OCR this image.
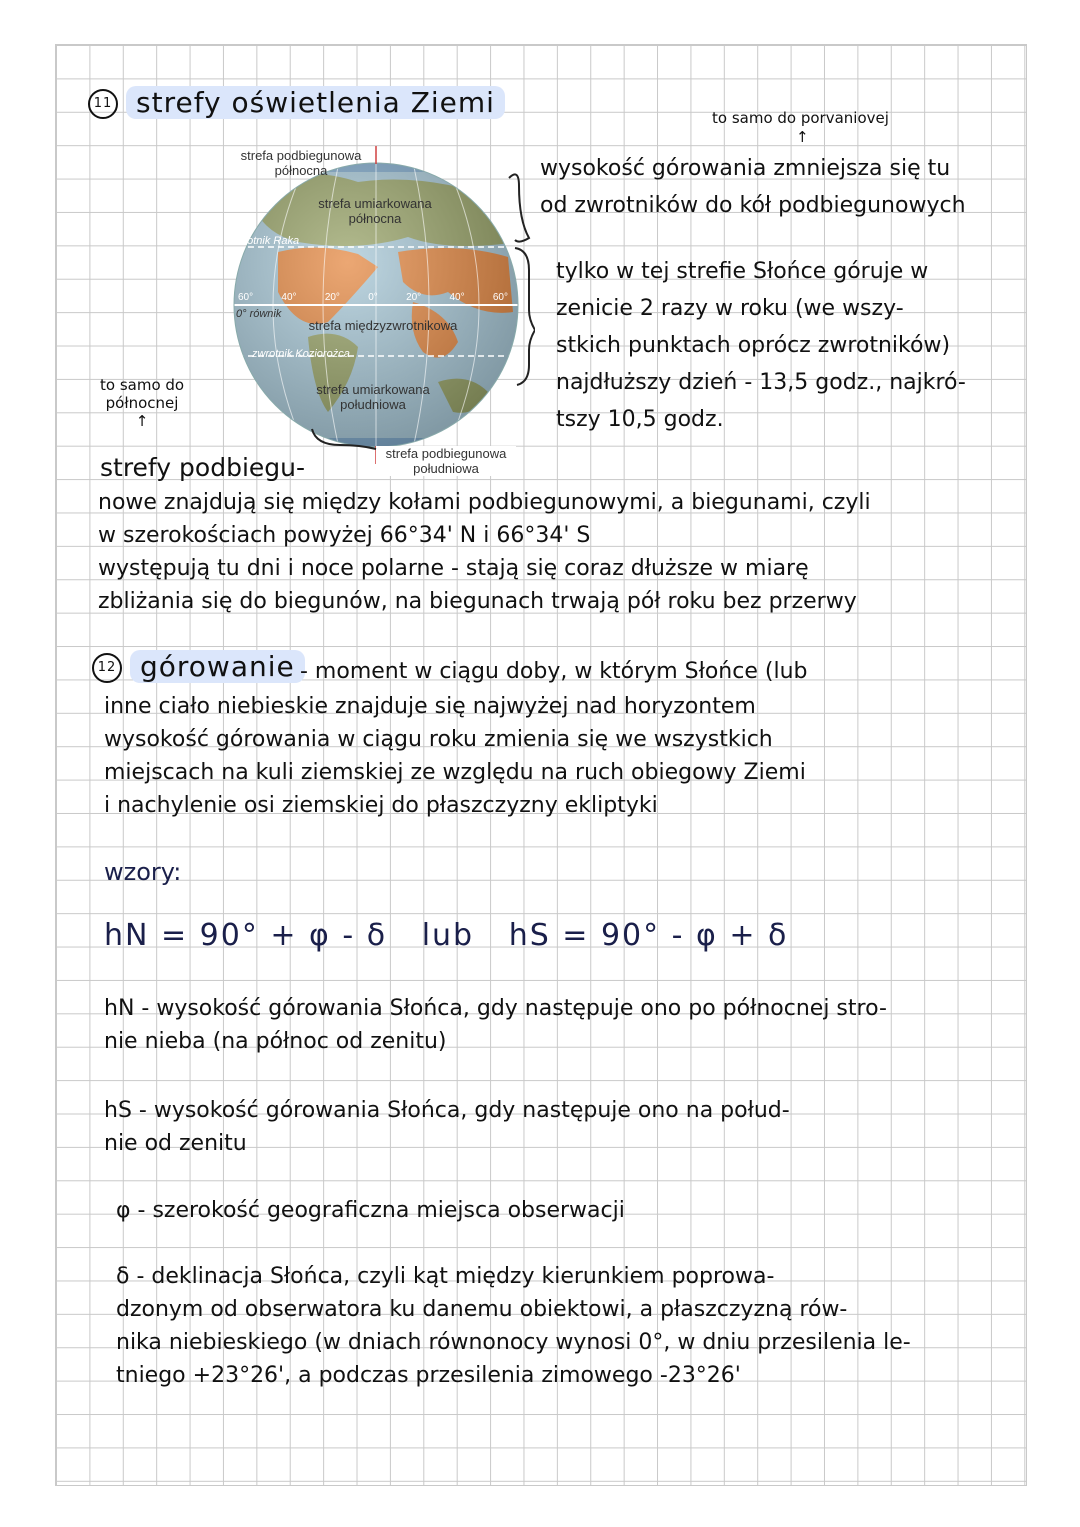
11 strefy oświetlenia Ziemi	to samo do porvaniovej
↑
strefa podbiegunowa
północna
strefa umiarkowana
północna
zwrotnik Raka
60°	40°	20°	0°	20°	40°	60°
0° równik
strefa międzyzwrotnikowa
zwrotnik Koziorożca
strefa umiarkowana
południowa
strefa podbiegunowa
południowa
wysokość górowania zmniejsza się tu
od zwrotników do kół podbiegunowych
tylko w tej strefie Słońce góruje w
zenicie 2 razy w roku (we wszy-
stkich punktach oprócz zwrotników)
najdłuższy dzień - 13,5 godz., najkró-
tszy 10,5 godz.
to samo do
północnej
↑
strefy podbiegu-
nowe znajdują się między kołami podbiegunowymi, a biegunami, czyli
w szerokościach powyżej 66°34' N i 66°34' S
występują tu dni i noce polarne - stają się coraz dłuższe w miarę
zbliżania się do biegunów, na biegunach trwają pół roku bez przerwy
12 górowanie - moment w ciągu doby, w którym Słońce (lub
inne ciało niebieskie znajduje się najwyżej nad horyzontem
wysokość górowania w ciągu roku zmienia się we wszystkich
miejscach na kuli ziemskiej ze względu na ruch obiegowy Ziemi
i nachylenie osi ziemskiej do płaszczyzny ekliptyki
wzory:
hN = 90° + φ - δ   lub   hS = 90° - φ + δ
hN - wysokość górowania Słońca, gdy następuje ono po północnej stro-
nie nieba (na północ od zenitu)
hS - wysokość górowania Słońca, gdy następuje ono na połud-
nie od zenitu
φ - szerokość geograficzna miejsca obserwacji
δ - deklinacja Słońca, czyli kąt między kierunkiem poprowa-
dzonym od obserwatora ku danemu obiektowi, a płaszczyzną rów-
nika niebieskiego (w dniach równonocy wynosi 0°, w dniu przesilenia le-
tniego +23°26', a podczas przesilenia zimowego -23°26'
